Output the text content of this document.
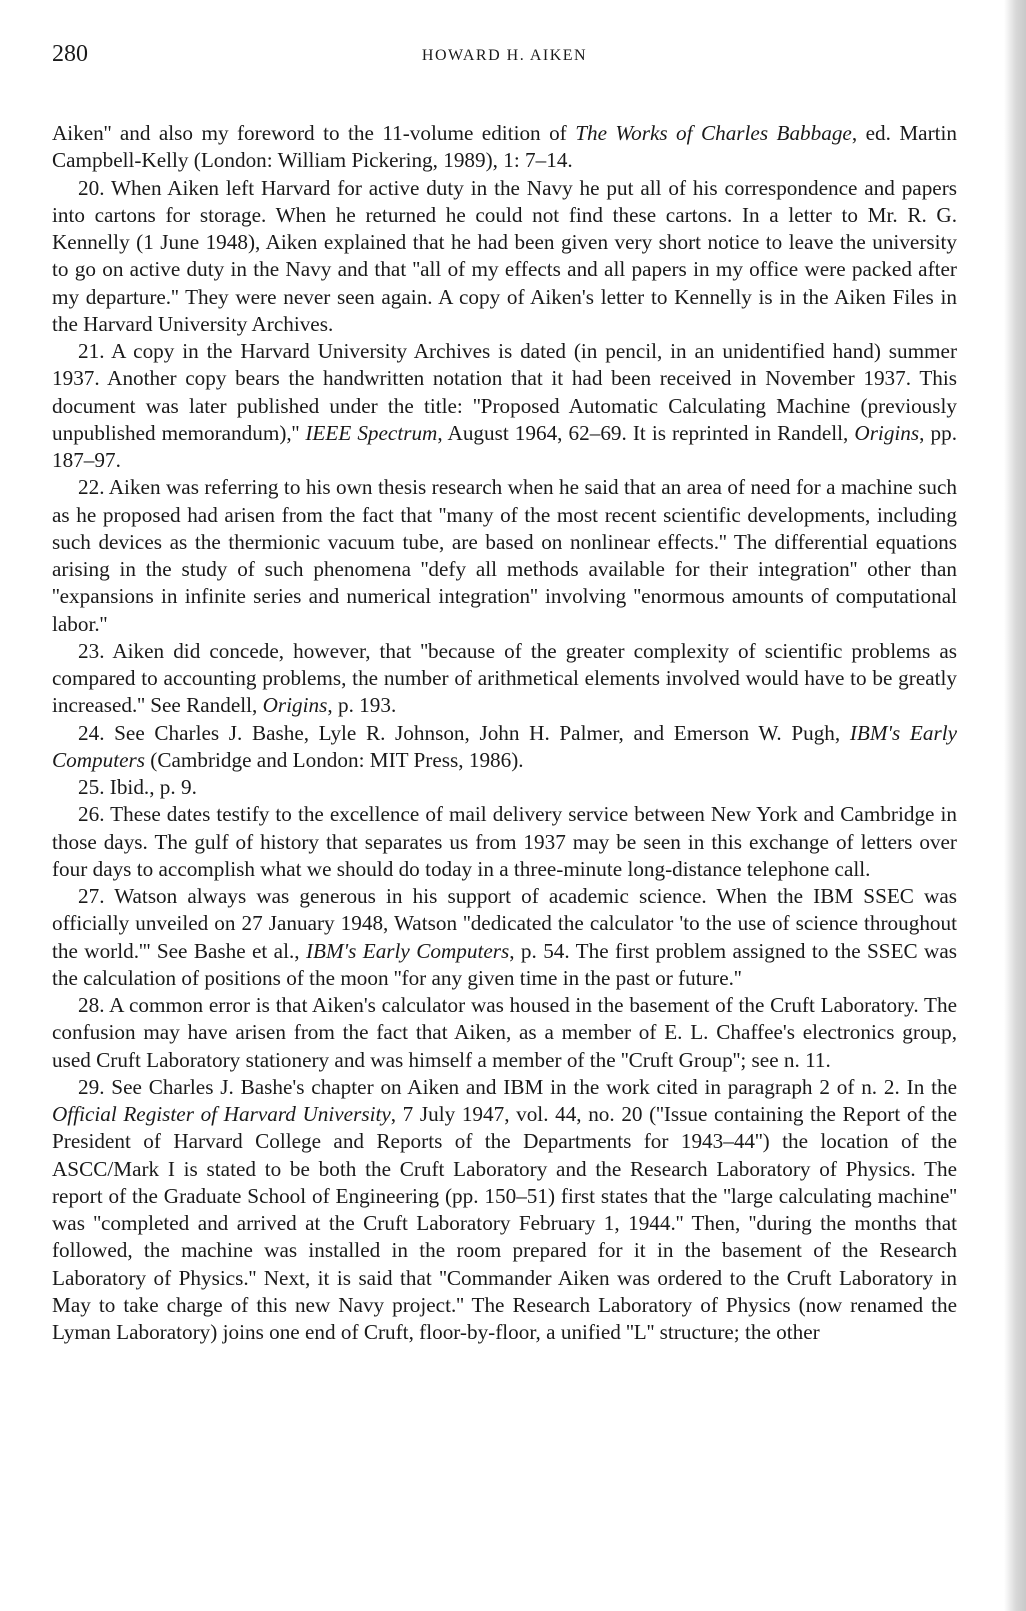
280	HOWARD H. AIKEN

Aiken'' and also my foreword to the 11-volume edition of The Works of Charles Babbage, ed. Martin Campbell-Kelly (London: William Pickering, 1989), 1: 7–14.

20. When Aiken left Harvard for active duty in the Navy he put all of his correspondence and papers into cartons for storage. When he returned he could not find these cartons. In a letter to Mr. R. G. Kennelly (1 June 1948), Aiken explained that he had been given very short notice to leave the university to go on active duty in the Navy and that ''all of my effects and all papers in my office were packed after my departure.'' They were never seen again. A copy of Aiken's letter to Kennelly is in the Aiken Files in the Harvard University Archives.

21. A copy in the Harvard University Archives is dated (in pencil, in an unidentified hand) summer 1937. Another copy bears the handwritten notation that it had been received in November 1937. This document was later published under the title: ''Proposed Automatic Calculating Machine (previously unpublished memorandum),'' IEEE Spectrum, August 1964, 62–69. It is reprinted in Randell, Origins, pp. 187–97.

22. Aiken was referring to his own thesis research when he said that an area of need for a machine such as he proposed had arisen from the fact that ''many of the most recent scientific developments, including such devices as the thermionic vacuum tube, are based on nonlinear effects.'' The differential equations arising in the study of such phenomena ''defy all methods available for their integration'' other than ''expansions in infinite series and numerical integration'' involving ''enormous amounts of computational labor.''

23. Aiken did concede, however, that ''because of the greater complexity of scientific problems as compared to accounting problems, the number of arithmetical elements involved would have to be greatly increased.'' See Randell, Origins, p. 193.

24. See Charles J. Bashe, Lyle R. Johnson, John H. Palmer, and Emerson W. Pugh, IBM's Early Computers (Cambridge and London: MIT Press, 1986).

25. Ibid., p. 9.

26. These dates testify to the excellence of mail delivery service between New York and Cambridge in those days. The gulf of history that separates us from 1937 may be seen in this exchange of letters over four days to accomplish what we should do today in a three-minute long-distance telephone call.

27. Watson always was generous in his support of academic science. When the IBM SSEC was officially unveiled on 27 January 1948, Watson ''dedicated the calculator 'to the use of science throughout the world.''' See Bashe et al., IBM's Early Computers, p. 54. The first problem assigned to the SSEC was the calculation of positions of the moon ''for any given time in the past or future.''

28. A common error is that Aiken's calculator was housed in the basement of the Cruft Laboratory. The confusion may have arisen from the fact that Aiken, as a member of E. L. Chaffee's electronics group, used Cruft Laboratory stationery and was himself a member of the ''Cruft Group''; see n. 11.

29. See Charles J. Bashe's chapter on Aiken and IBM in the work cited in paragraph 2 of n. 2. In the Official Register of Harvard University, 7 July 1947, vol. 44, no. 20 (''Issue containing the Report of the President of Harvard College and Reports of the Departments for 1943–44'') the location of the ASCC/Mark I is stated to be both the Cruft Laboratory and the Research Laboratory of Physics. The report of the Graduate School of Engineering (pp. 150–51) first states that the ''large calculating machine'' was ''completed and arrived at the Cruft Laboratory February 1, 1944.'' Then, ''during the months that followed, the machine was installed in the room prepared for it in the basement of the Research Laboratory of Physics.'' Next, it is said that ''Commander Aiken was ordered to the Cruft Laboratory in May to take charge of this new Navy project.'' The Research Laboratory of Physics (now renamed the Lyman Laboratory) joins one end of Cruft, floor-by-floor, a unified ''L'' structure; the other
